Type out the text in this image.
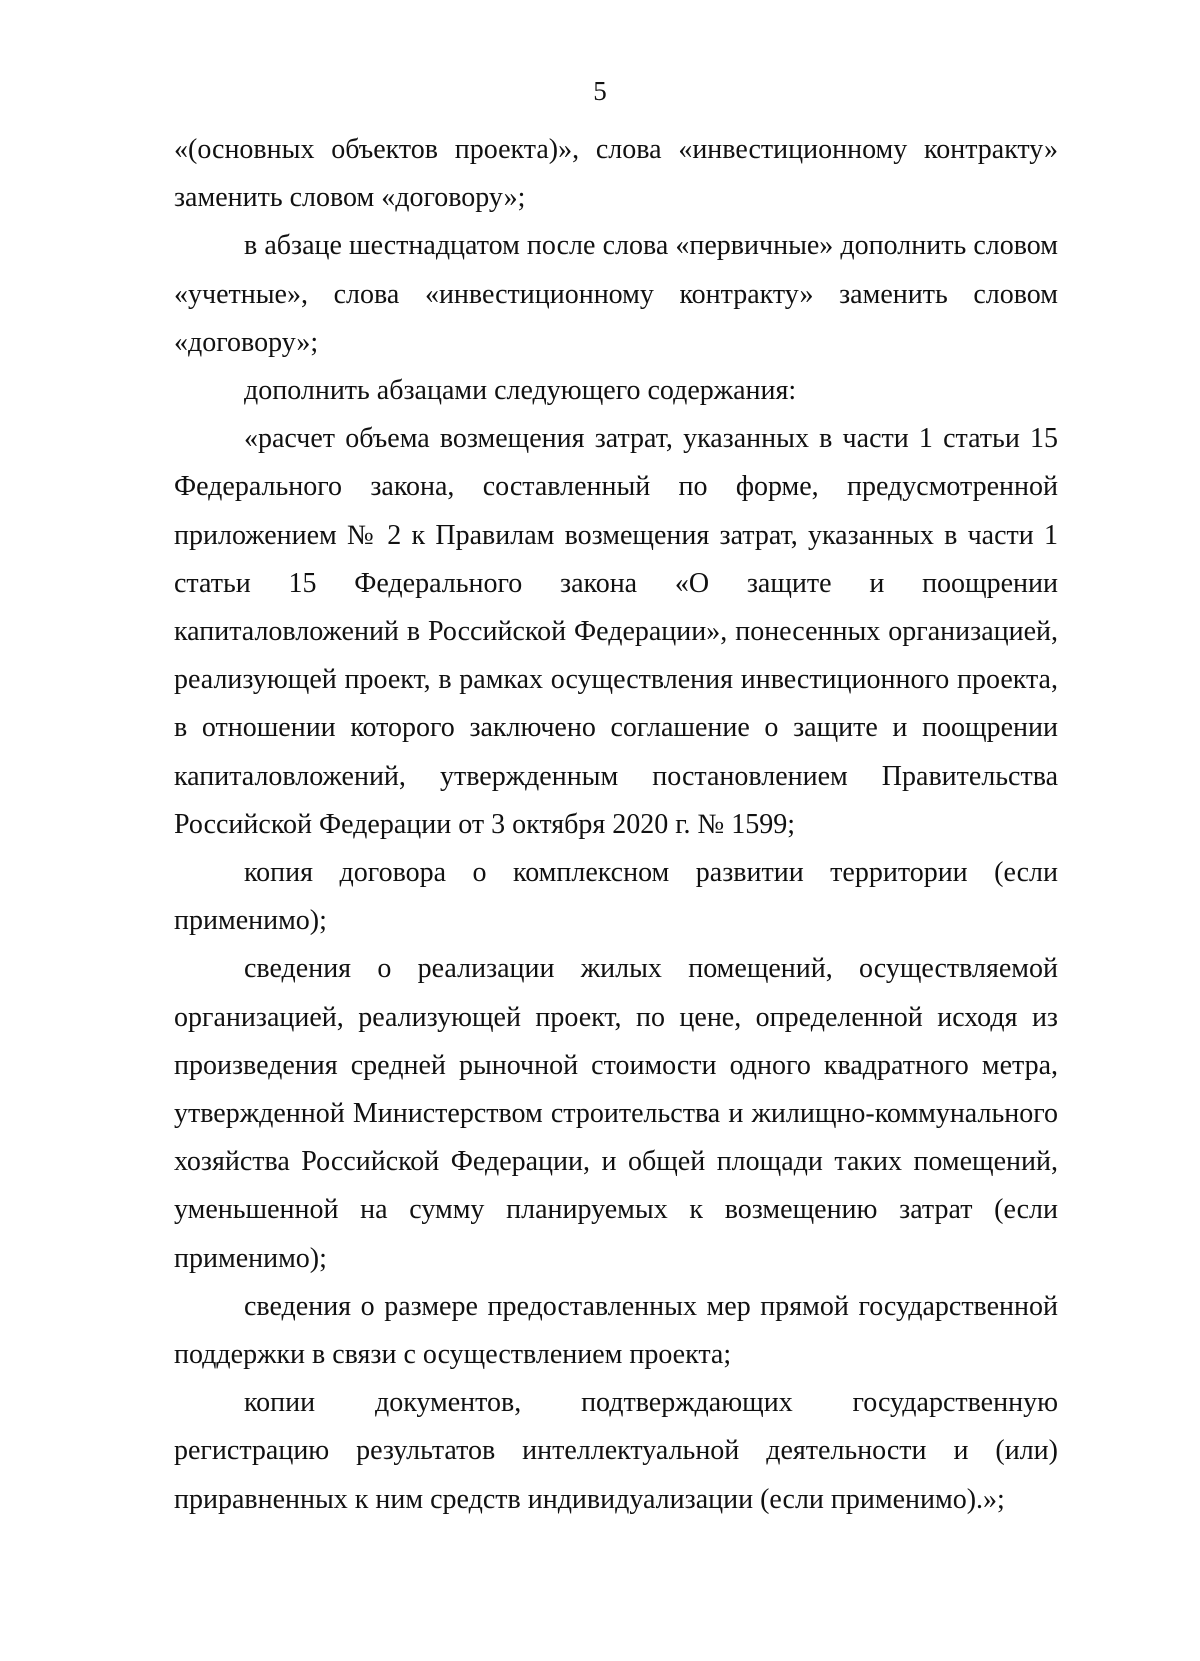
5

«(основных объектов проекта)», слова «инвестиционному контракту» заменить словом «договору»;

в абзаце шестнадцатом после слова «первичные» дополнить словом «учетные», слова «инвестиционному контракту» заменить словом «договору»;

дополнить абзацами следующего содержания:

«расчет объема возмещения затрат, указанных в части 1 статьи 15 Федерального закона, составленный по форме, предусмотренной приложением № 2 к Правилам возмещения затрат, указанных в части 1 статьи 15 Федерального закона «О защите и поощрении капиталовложений в Российской Федерации», понесенных организацией, реализующей проект, в рамках осуществления инвестиционного проекта, в отношении которого заключено соглашение о защите и поощрении капиталовложений, утвержденным постановлением Правительства Российской Федерации от 3 октября 2020 г. № 1599;

копия договора о комплексном развитии территории (если применимо);

сведения о реализации жилых помещений, осуществляемой организацией, реализующей проект, по цене, определенной исходя из произведения средней рыночной стоимости одного квадратного метра, утвержденной Министерством строительства и жилищно-коммунального хозяйства Российской Федерации, и общей площади таких помещений, уменьшенной на сумму планируемых к возмещению затрат (если применимо);

сведения о размере предоставленных мер прямой государственной поддержки в связи с осуществлением проекта;

копии документов, подтверждающих государственную регистрацию результатов интеллектуальной деятельности и (или) приравненных к ним средств индивидуализации (если применимо).»;
